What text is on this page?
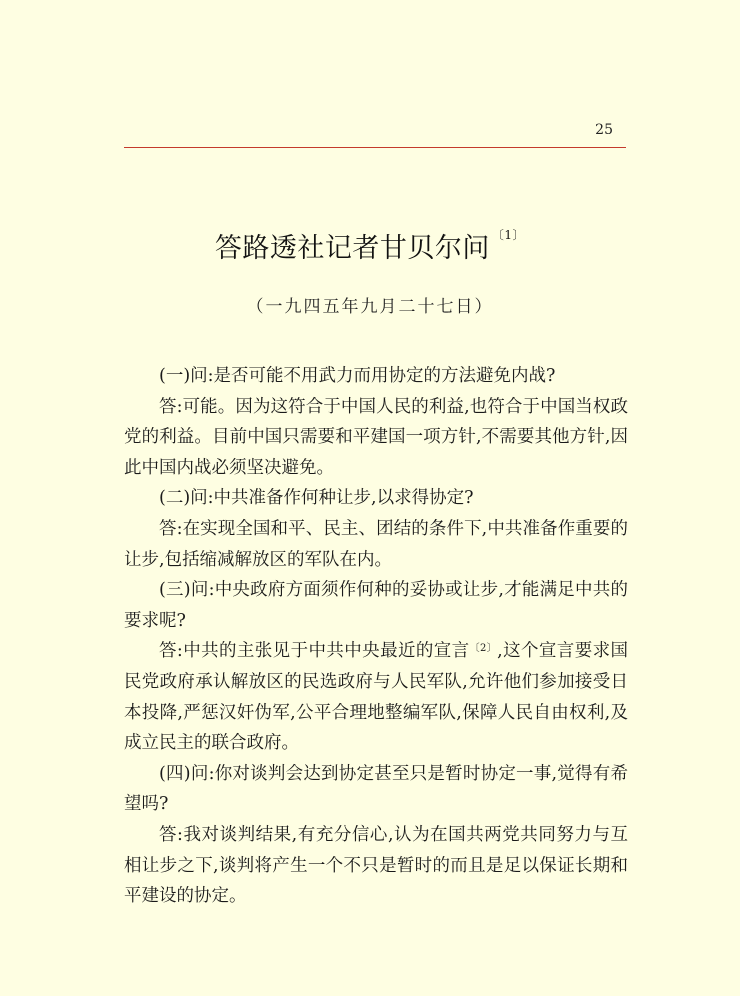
25
答路透社记者甘贝尔问 $^{〔1〕}$
（一九四五年九月二十七日）

(一)问:是否可能不用武力而用协定的方法避免内战?

答:可能。因为这符合于中国人民的利益,也符合于中国当权政党的利益。目前中国只需要和平建国一项方针,不需要其他方针,因此中国内战必须坚决避免。

(二)问:中共准备作何种让步,以求得协定?

答:在实现全国和平、民主、团结的条件下,中共准备作重要的让步,包括缩减解放区的军队在内。

(三)问:中央政府方面须作何种的妥协或让步,才能满足中共的要求呢?

答:中共的主张见于中共中央最近的宣言$^{〔2〕}$,这个宣言要求国民党政府承认解放区的民选政府与人民军队,允许他们参加接受日本投降,严惩汉奸伪军,公平合理地整编军队,保障人民自由权利,及成立民主的联合政府。

(四)问:你对谈判会达到协定甚至只是暂时协定一事,觉得有希望吗?

答:我对谈判结果,有充分信心,认为在国共两党共同努力与互相让步之下,谈判将产生一个不只是暂时的而且是足以保证长期和平建设的协定。
